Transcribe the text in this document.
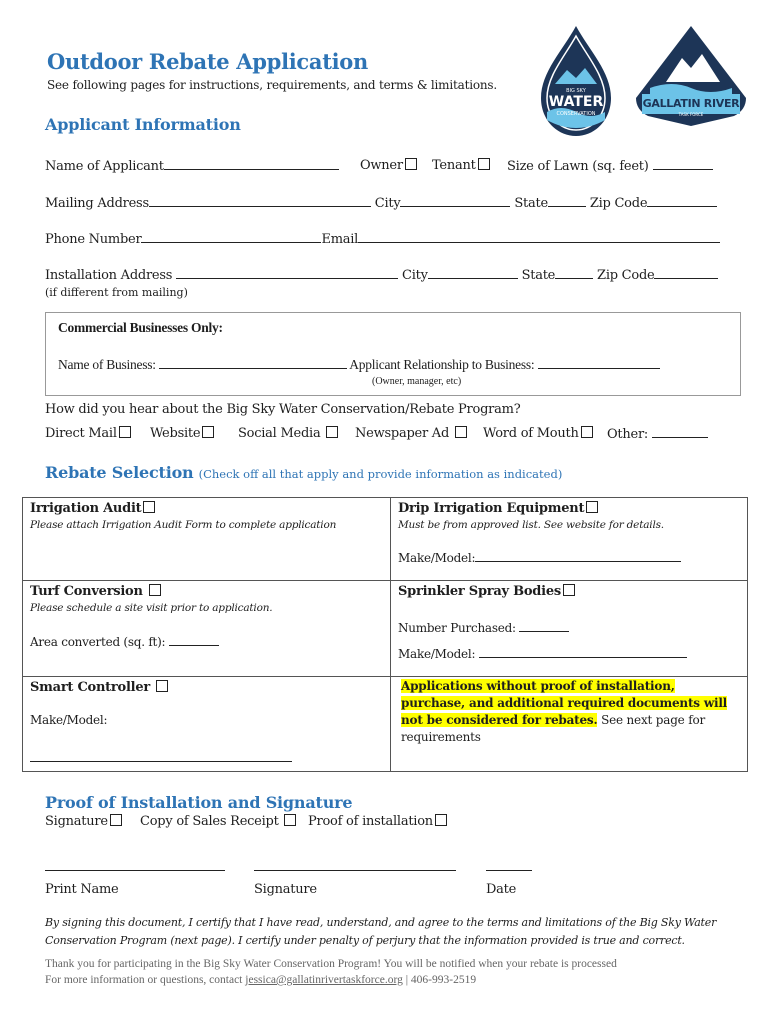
Outdoor Rebate Application
See following pages for instructions, requirements, and terms & limitations.	BIG SKY
WATER
CONSERVATION
GALLATIN RIVER
TASK FORCE
Applicant Information
Name of Applicant	Owner	Tenant	Size of Lawn (sq. feet)
Mailing Address	City	State	Zip Code
Phone Number	Email
Installation Address	City	State	Zip Code
(if different from mailing)
Commercial Businesses Only:
Name of Business:	Applicant Relationship to Business:
(Owner, manager, etc)
How did you hear about the Big Sky Water Conservation/Rebate Program?
Direct Mail	Website	Social Media	Newspaper Ad	Word of Mouth	Other:
Rebate Selection (Check off all that apply and provide information as indicated)
Irrigation Audit
Please attach Irrigation Audit Form to complete application
Drip Irrigation Equipment
Must be from approved list. See website for details.
Make/Model:
Turf Conversion
Please schedule a site visit prior to application.
Area converted (sq. ft):
Sprinkler Spray Bodies
Number Purchased:
Make/Model:
Smart Controller
Make/Model:
Applications without proof of installation, purchase, and additional required documents will not be considered for rebates. See next page for requirements
Proof of Installation and Signature
Signature	Copy of Sales Receipt	Proof of installation
Print Name	Signature	Date
By signing this document, I certify that I have read, understand, and agree to the terms and limitations of the Big Sky Water Conservation Program (next page). I certify under penalty of perjury that the information provided is true and correct.
Thank you for participating in the Big Sky Water Conservation Program! You will be notified when your rebate is processed
For more information or questions, contact jessica@gallatinrivertaskforce.org | 406-993-2519
